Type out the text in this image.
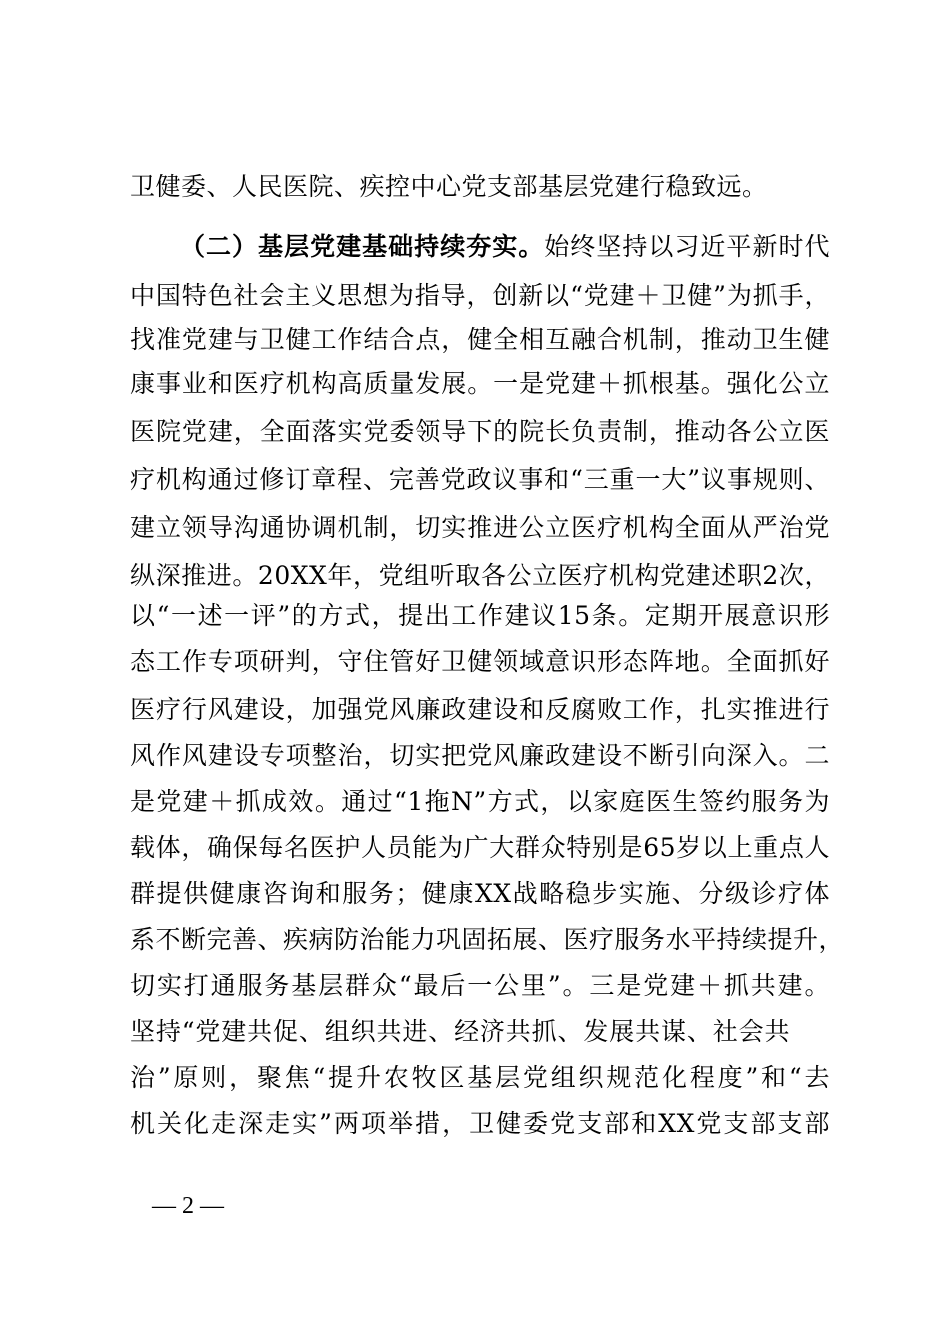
卫健委、人民医院、疾控中心党支部基层党建行稳致远。
（二）基层党建基础持续夯实。始终坚持以习近平新时代
中国特色社会主义思想为指导，创新以“党建＋卫健”为抓手，
找准党建与卫健工作结合点，健全相互融合机制，推动卫生健
康事业和医疗机构高质量发展。一是党建＋抓根基。强化公立
医院党建，全面落实党委领导下的院长负责制，推动各公立医
疗机构通过修订章程、完善党政议事和“三重一大”议事规则、
建立领导沟通协调机制，切实推进公立医疗机构全面从严治党
纵深推进。20XX年，党组听取各公立医疗机构党建述职2次，
以“一述一评”的方式，提出工作建议15条。定期开展意识形
态工作专项研判，守住管好卫健领域意识形态阵地。全面抓好
医疗行风建设，加强党风廉政建设和反腐败工作，扎实推进行
风作风建设专项整治，切实把党风廉政建设不断引向深入。二
是党建＋抓成效。通过“1拖N”方式，以家庭医生签约服务为
载体，确保每名医护人员能为广大群众特别是65岁以上重点人
群提供健康咨询和服务；健康XX战略稳步实施、分级诊疗体
系不断完善、疾病防治能力巩固拓展、医疗服务水平持续提升，
切实打通服务基层群众“最后一公里”。三是党建＋抓共建。
坚持“党建共促、组织共进、经济共抓、发展共谋、社会共
治”原则，聚焦“提升农牧区基层党组织规范化程度”和“去
机关化走深走实”两项举措，卫健委党支部和XX党支部支部
— 2 —
